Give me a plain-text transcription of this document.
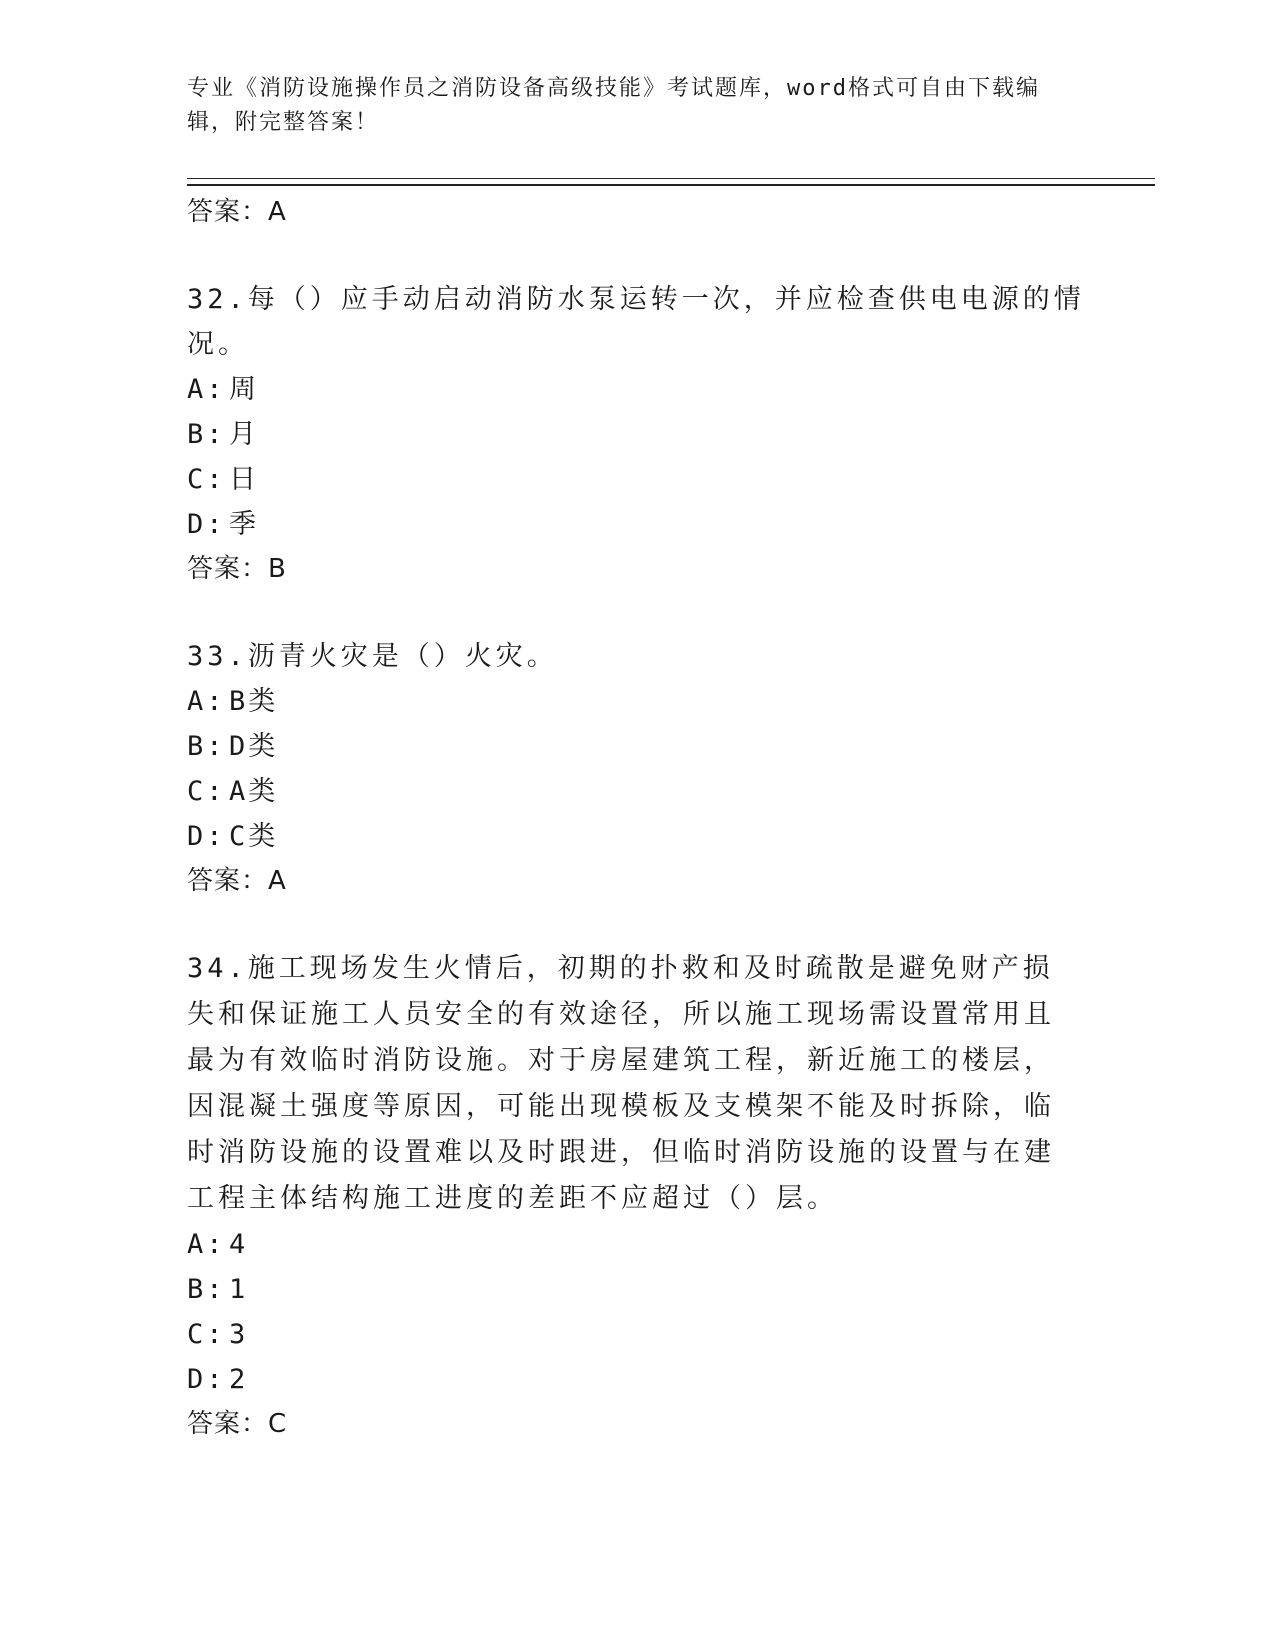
专业《消防设施操作员之消防设备高级技能》考试题库，word格式可自由下载编辑，附完整答案！

答案：A

32.每（）应手动启动消防水泵运转一次，并应检查供电电源的情况。

A: 周

B: 月

C: 日

D: 季

答案：B

33.沥青火灾是（）火灾。

A: B类

B: D类

C: A类

D: C类

答案：A

34.施工现场发生火情后，初期的扑救和及时疏散是避免财产损失和保证施工人员安全的有效途径，所以施工现场需设置常用且最为有效临时消防设施。对于房屋建筑工程，新近施工的楼层，因混凝土强度等原因，可能出现模板及支模架不能及时拆除，临时消防设施的设置难以及时跟进，但临时消防设施的设置与在建工程主体结构施工进度的差距不应超过（）层。

A: 4

B: 1

C: 3

D: 2

答案：C
